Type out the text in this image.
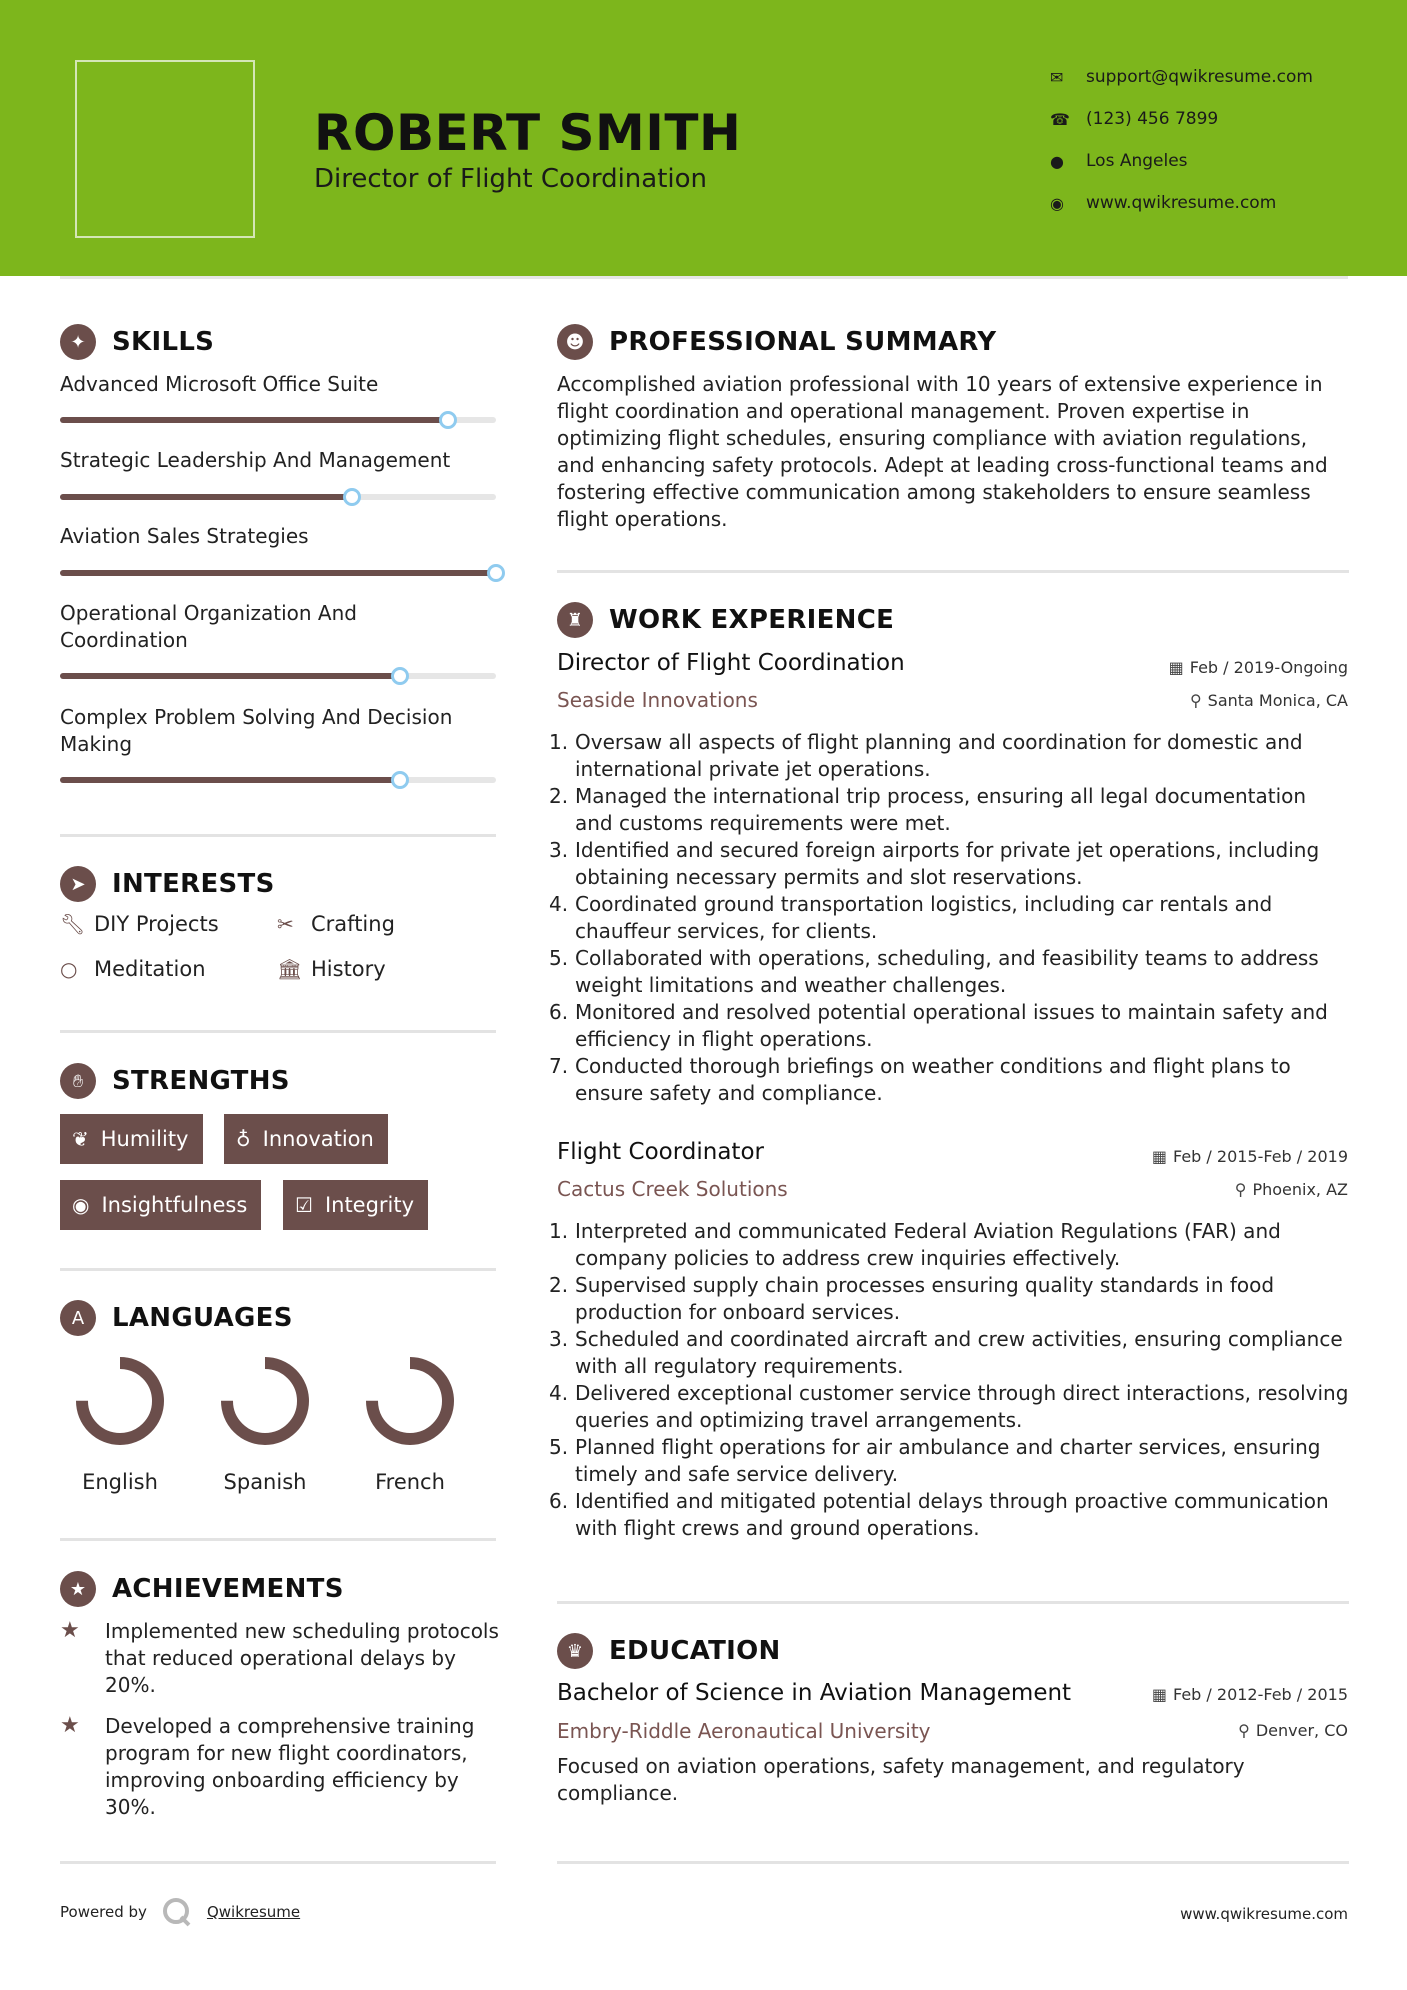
ROBERT SMITH
Director of Flight Coordination
✉	support@qwikresume.com
☎ (123) 456 7899
●	Los Angeles
◉	www.qwikresume.com
✦	SKILLS
Advanced Microsoft Office Suite
Strategic Leadership And Management
Aviation Sales Strategies
Operational Organization And Coordination
Complex Problem Solving And Decision Making
➤	INTERESTS
🔧︎ DIY Projects	✂ Crafting
○ Meditation	🏛︎ History
✋︎	STRENGTHS
❦ Humility ♁ Innovation
◉ Insightfulness ☑ Integrity
A	LANGUAGES
English	Spanish	French
★ ACHIEVEMENTS
★	Implemented new scheduling protocols that reduced operational delays by 20%.
★	Developed a comprehensive training program for new flight coordinators, improving onboarding efficiency by 30%.
☻ PROFESSIONAL SUMMARY
Accomplished aviation professional with 10 years of extensive experience in flight coordination and operational management. Proven expertise in optimizing flight schedules, ensuring compliance with aviation regulations, and enhancing safety protocols. Adept at leading cross-functional teams and fostering effective communication among stakeholders to ensure seamless flight operations.
♜ WORK EXPERIENCE
Director of Flight Coordination	▦ Feb / 2019-Ongoing
Seaside Innovations	⚲ Santa Monica, CA
1. Oversaw all aspects of flight planning and coordination for domestic and international private jet operations.
2. Managed the international trip process, ensuring all legal documentation and customs requirements were met.
3. Identified and secured foreign airports for private jet operations, including obtaining necessary permits and slot reservations.
4. Coordinated ground transportation logistics, including car rentals and chauffeur services, for clients.
5. Collaborated with operations, scheduling, and feasibility teams to address weight limitations and weather challenges.
6. Monitored and resolved potential operational issues to maintain safety and efficiency in flight operations.
7. Conducted thorough briefings on weather conditions and flight plans to ensure safety and compliance.
Flight Coordinator	▦ Feb / 2015-Feb / 2019
Cactus Creek Solutions	⚲ Phoenix, AZ
1. Interpreted and communicated Federal Aviation Regulations (FAR) and company policies to address crew inquiries effectively.
2. Supervised supply chain processes ensuring quality standards in food production for onboard services.
3. Scheduled and coordinated aircraft and crew activities, ensuring compliance with all regulatory requirements.
4. Delivered exceptional customer service through direct interactions, resolving queries and optimizing travel arrangements.
5. Planned flight operations for air ambulance and charter services, ensuring timely and safe service delivery.
6. Identified and mitigated potential delays through proactive communication with flight crews and ground operations.
♛ EDUCATION
Bachelor of Science in Aviation Management	▦ Feb / 2012-Feb / 2015
Embry-Riddle Aeronautical University	⚲ Denver, CO
Focused on aviation operations, safety management, and regulatory compliance.
Powered by	Qwikresume	www.qwikresume.com
